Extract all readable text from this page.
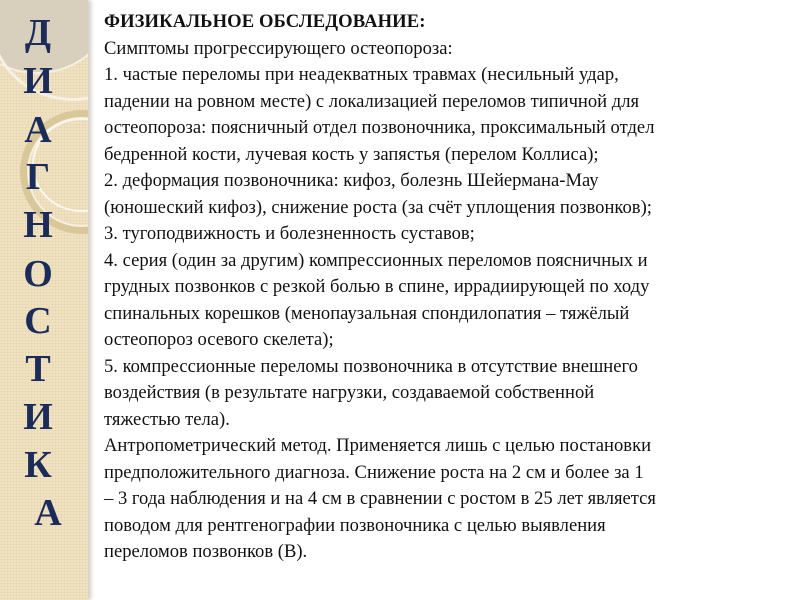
Д
И
А
Г
Н
О
С
Т
И
К
А

ФИЗИКАЛЬНОЕ ОБСЛЕДОВАНИЕ:

Симптомы прогрессирующего остеопороза:

1. частые переломы при неадекватных травмах (несильный удар,

падении на ровном месте) с локализацией переломов типичной для

остеопороза: поясничный отдел позвоночника, проксимальный отдел

бедренной кости, лучевая кость у запястья (перелом Коллиса);

2. деформация позвоночника: кифоз, болезнь Шейермана-Мау

(юношеский кифоз), снижение роста (за счёт уплощения позвонков);

3. тугоподвижность и болезненность суставов;

4. серия (один за другим) компрессионных переломов поясничных и

грудных позвонков с резкой болью в спине, иррадиирующей по ходу

спинальных корешков (менопаузальная спондилопатия – тяжёлый

остеопороз осевого скелета);

5. компрессионные переломы позвоночника в отсутствие внешнего

воздействия (в результате нагрузки, создаваемой собственной

тяжестью тела).

Антропометрический метод. Применяется лишь с целью постановки

предположительного диагноза. Снижение роста на 2 см и более за 1

– 3 года наблюдения и на 4 см в сравнении с ростом в 25 лет является

поводом для рентгенографии позвоночника с целью выявления

переломов позвонков (В).
